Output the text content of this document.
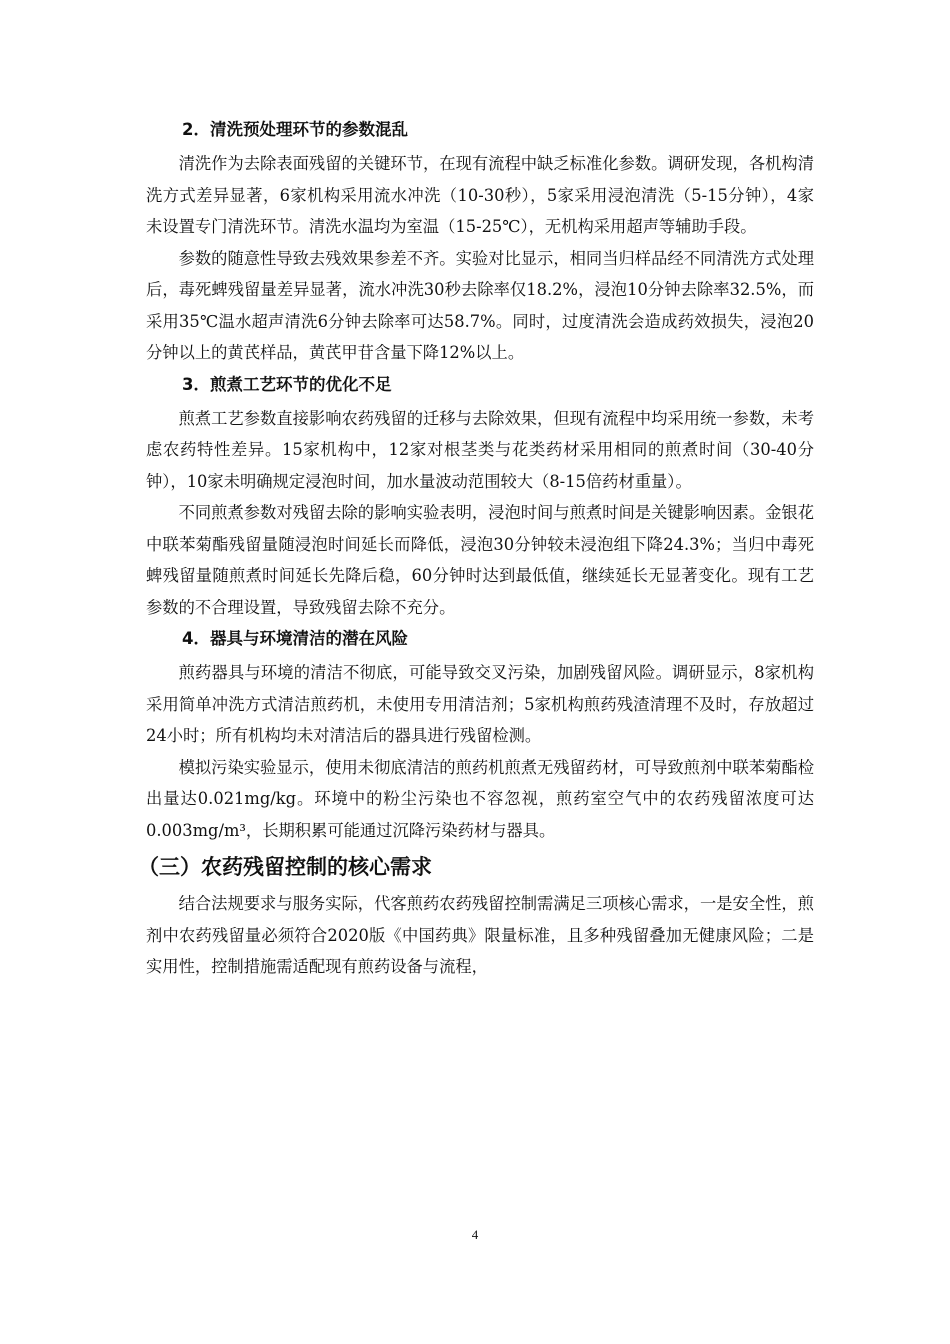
2．清洗预处理环节的参数混乱

清洗作为去除表面残留的关键环节，在现有流程中缺乏标准化参数。调研发现，各机构清洗方式差异显著，6家机构采用流水冲洗（10-30秒），5家采用浸泡清洗（5-15分钟），4家未设置专门清洗环节。清洗水温均为室温（15-25℃），无机构采用超声等辅助手段。

参数的随意性导致去残效果参差不齐。实验对比显示，相同当归样品经不同清洗方式处理后，毒死蜱残留量差异显著，流水冲洗30秒去除率仅18.2%，浸泡10分钟去除率32.5%，而采用35℃温水超声清洗6分钟去除率可达58.7%。同时，过度清洗会造成药效损失，浸泡20分钟以上的黄芪样品，黄芪甲苷含量下降12%以上。

3．煎煮工艺环节的优化不足

煎煮工艺参数直接影响农药残留的迁移与去除效果，但现有流程中均采用统一参数，未考虑农药特性差异。15家机构中，12家对根茎类与花类药材采用相同的煎煮时间（30-40分钟），10家未明确规定浸泡时间，加水量波动范围较大（8-15倍药材重量）。

不同煎煮参数对残留去除的影响实验表明，浸泡时间与煎煮时间是关键影响因素。金银花中联苯菊酯残留量随浸泡时间延长而降低，浸泡30分钟较未浸泡组下降24.3%；当归中毒死蜱残留量随煎煮时间延长先降后稳，60分钟时达到最低值，继续延长无显著变化。现有工艺参数的不合理设置，导致残留去除不充分。

4．器具与环境清洁的潜在风险

煎药器具与环境的清洁不彻底，可能导致交叉污染，加剧残留风险。调研显示，8家机构采用简单冲洗方式清洁煎药机，未使用专用清洁剂；5家机构煎药残渣清理不及时，存放超过24小时；所有机构均未对清洁后的器具进行残留检测。

模拟污染实验显示，使用未彻底清洁的煎药机煎煮无残留药材，可导致煎剂中联苯菊酯检出量达0.021mg/kg。环境中的粉尘污染也不容忽视，煎药室空气中的农药残留浓度可达0.003mg/m³，长期积累可能通过沉降污染药材与器具。

（三）农药残留控制的核心需求

结合法规要求与服务实际，代客煎药农药残留控制需满足三项核心需求，一是安全性，煎剂中农药残留量必须符合2020版《中国药典》限量标准，且多种残留叠加无健康风险；二是实用性，控制措施需适配现有煎药设备与流程，

4
